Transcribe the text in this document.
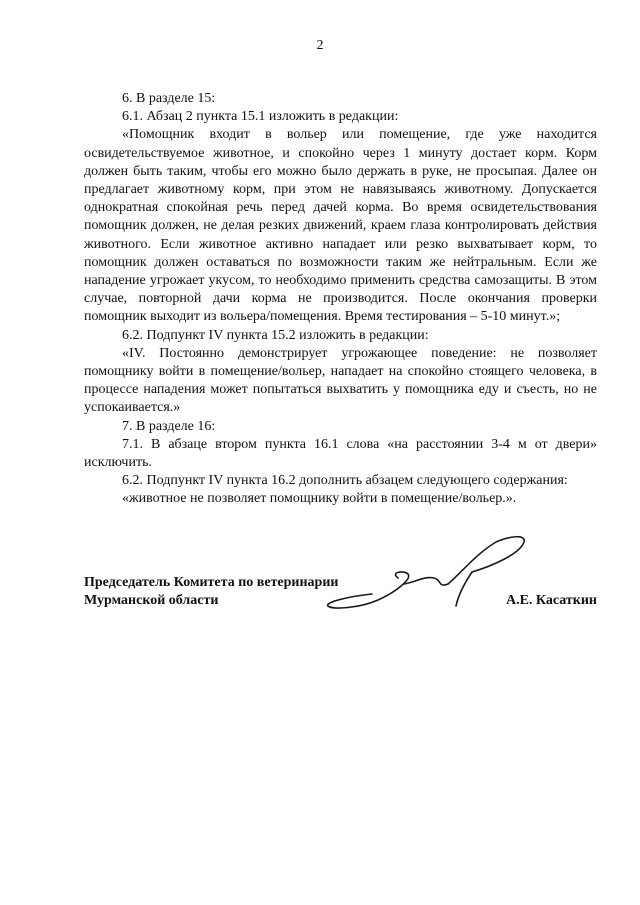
2

6. В разделе 15:

6.1. Абзац 2 пункта 15.1 изложить в редакции:

«Помощник входит в вольер или помещение, где уже находится освидетельствуемое животное, и спокойно через 1 минуту достает корм. Корм должен быть таким, чтобы его можно было держать в руке, не просыпая. Далее он предлагает животному корм, при этом не навязываясь животному. Допускается однократная спокойная речь перед дачей корма. Во время освидетельствования помощник должен, не делая резких движений, краем глаза контролировать действия животного. Если животное активно нападает или резко выхватывает корм, то помощник должен оставаться по возможности таким же нейтральным. Если же нападение угрожает укусом, то необходимо применить средства самозащиты. В этом случае, повторной дачи корма не производится. После окончания проверки помощник выходит из вольера/помещения. Время тестирования – 5-10 минут.»;

6.2. Подпункт IV пункта 15.2 изложить в редакции:

«IV. Постоянно демонстрирует угрожающее поведение: не позволяет помощнику войти в помещение/вольер, нападает на спокойно стоящего человека, в процессе нападения может попытаться выхватить у помощника еду и съесть, но не успокаивается.»

7. В разделе 16:

7.1. В абзаце втором пункта 16.1 слова «на расстоянии 3-4 м от двери» исключить.

6.2. Подпункт IV пункта 16.2 дополнить абзацем следующего содержания:

«животное не позволяет помощнику войти в помещение/вольер.».

Председатель Комитета по ветеринарии
Мурманской области	А.Е. Касаткин
